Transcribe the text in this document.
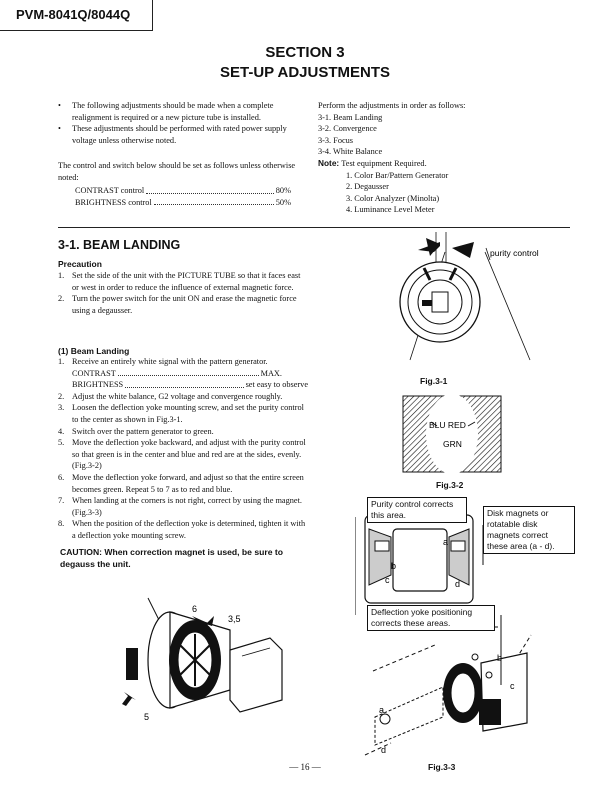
PVM-8041Q/8044Q
SECTION 3
SET-UP ADJUSTMENTS
• The following adjustments should be made when a complete realignment is required or a new picture tube is installed.
• These adjustments should be performed with rated power supply voltage unless otherwise noted.
The control and switch below should be set as follows unless otherwise noted:
CONTRAST control	80%
BRIGHTNESS control	50%
Perform the adjustments in order as follows:
3-1. Beam Landing
3-2. Convergence
3-3. Focus
3-4. White Balance
Note: Test equipment Required.
1. Color Bar/Pattern Generator
2. Degausser
3. Color Analyzer (Minolta)
4. Luminance Level Meter
3-1. BEAM LANDING
Precaution
1. Set the side of the unit with the PICTURE TUBE so that it faces east or west in order to reduce the influence of external magnetic force.
2. Turn the power switch for the unit ON and erase the magnetic force using a degausser.
(1) Beam Landing
1. Receive an entirely white signal with the pattern generator.
CONTRAST	MAX.
BRIGHTNESS	set easy to observe
2. Adjust the white balance, G2 voltage and convergence roughly.
3. Loosen the deflection yoke mounting screw, and set the purity control to the center as shown in Fig.3-1.
4. Switch over the pattern generator to green.
5. Move the deflection yoke backward, and adjust with the purity control so that green is in the center and blue and red are at the sides, evenly. (Fig.3-2)
6. Move the deflection yoke forward, and adjust so that the entire screen becomes green. Repeat 5 to 7 as to red and blue.
7. When landing at the corners is not right, correct by using the magnet. (Fig.3-3)
8. When the position of the deflection yoke is determined, tighten it with a deflection yoke mounting screw.
CAUTION: When correction magnet is used, be sure to degauss the unit.
6
3,5
5
purity control
Fig.3-1
BLU RED
GRN
Fig.3-2
a
b
c	d
b
c
a
d
Purity control corrects this area.	Disk magnets or rotatable disk magnets correct these area (a - d).
Deflection yoke positioning corrects these areas.
Fig.3-3
— 16 —
